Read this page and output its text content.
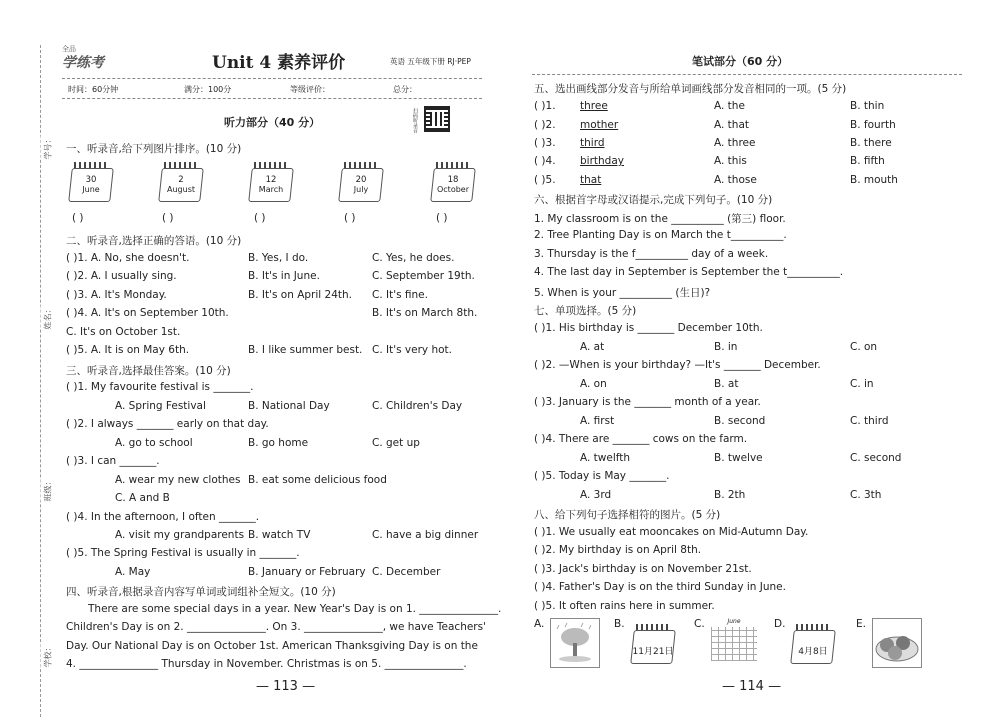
学号：
姓名：
班级：
学校：
全品
学练考	Unit 4 素养评价	英语 五年级下册 RJ·PEP
时间：60分钟	满分：100分	等级评价：	总分：
扫码听录音
听力部分（40 分）
一、听录音,给下列图片排序。(10 分)
30
June
2
August
12
March
20
July
18
October
( )	( )	( )	( )	( )
二、听录音,选择正确的答语。(10 分)
( )1. A. No, she doesn't.	B. Yes, I do.	C. Yes, he does.
( )2. A. I usually sing.	B. It's in June.	C. September 19th.
( )3. A. It's Monday.	B. It's on April 24th. C. It's fine.
( )4. A. It's on September 10th.	B. It's on March 8th.
C. It's on October 1st.
( )5. A. It is on May 6th.	B. I like summer best. C. It's very hot.
三、听录音,选择最佳答案。(10 分)
( )1. My favourite festival is _______.
A. Spring Festival	B. National Day	C. Children's Day
( )2. I always _______ early on that day.
A. go to school	B. go home	C. get up
( )3. I can _______.
A. wear my new clothes B. eat some delicious food
C. A and B
( )4. In the afternoon, I often _______.
A. visit my grandparents B. watch TV	C. have a big dinner
( )5. The Spring Festival is usually in _______.
A. May	B. January or February C. December
四、听录音,根据录音内容写单词或词组补全短文。(10 分)
There are some special days in a year. New Year's Day is on 1. _______________.
Children's Day is on 2. _______________. On 3. _______________, we have Teachers'
Day. Our National Day is on October 1st. American Thanksgiving Day is on the
4. _______________ Thursday in November. Christmas is on 5. _______________.
— 113 —
笔试部分（60 分）
五、选出画线部分发音与所给单词画线部分发音相同的一项。(5 分)
( )1. three	A. the	B. thin
( )2. mother	A. that	B. fourth
( )3. third	A. three	B. there
( )4. birthday	A. this	B. fifth
( )5. that	A. those	B. mouth
六、根据首字母或汉语提示,完成下列句子。(10 分)
1. My classroom is on the __________ (第三) floor.
2. Tree Planting Day is on March the t__________.
3. Thursday is the f__________ day of a week.
4. The last day in September is September the t__________.
5. When is your __________ (生日)?
七、单项选择。(5 分)
( )1. His birthday is _______ December 10th.
A. at	B. in	C. on
( )2. —When is your birthday? —It's _______ December.
A. on	B. at	C. in
( )3. January is the _______ month of a year.
A. first	B. second	C. third
( )4. There are _______ cows on the farm.
A. twelfth	B. twelve	C. second
( )5. Today is May _______.
A. 3rd	B. 2th	C. 3th
八、给下列句子选择相符的图片。(5 分)
( )1. We usually eat mooncakes on Mid-Autumn Day.
( )2. My birthday is on April 8th.
( )3. Jack's birthday is on November 21st.
( )4. Father's Day is on the third Sunday in June.
( )5. It often rains here in summer.
A.	B.
11月21日
C.	June	D.
4月8日
E.
— 114 —
